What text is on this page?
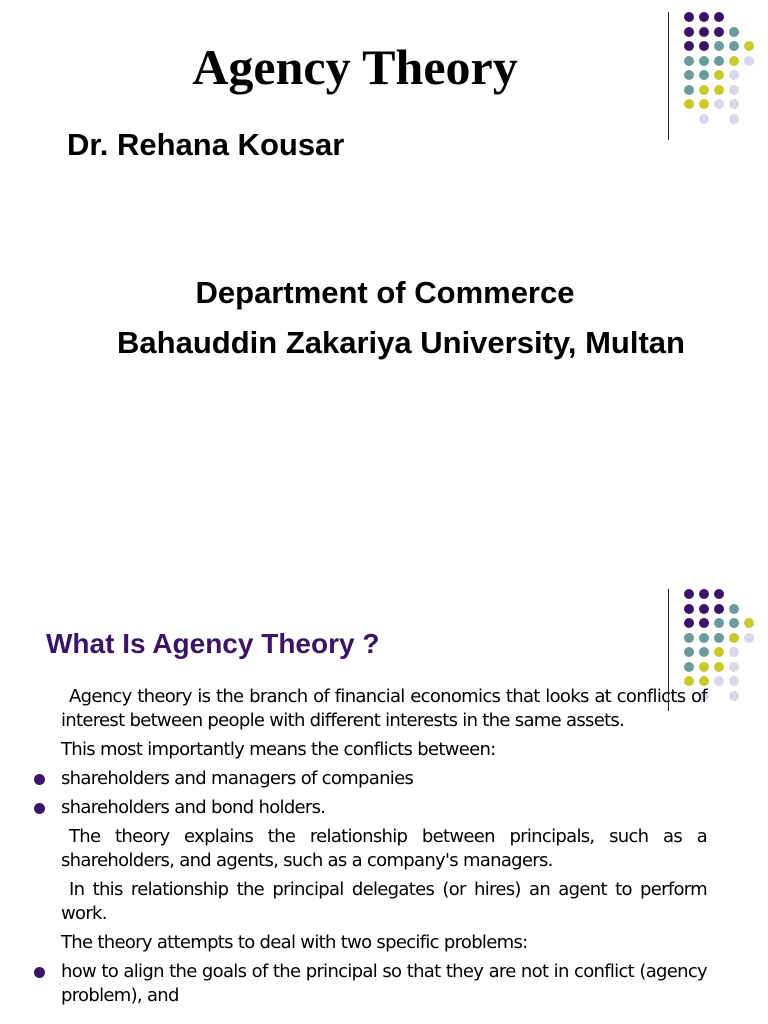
Agency Theory
Dr. Rehana Kousar
Department of Commerce
Bahauddin Zakariya University, Multan
What Is Agency Theory ?

Agency theory is the branch of financial economics that looks at conflicts of interest between people with different interests in the same assets.

This most importantly means the conflicts between:

shareholders and managers of companies

shareholders and bond holders.

The theory explains the relationship between principals, such as a shareholders, and agents, such as a company's managers.

In this relationship the principal delegates (or hires) an agent to perform work.

The theory attempts to deal with two specific problems:

how to align the goals of the principal so that they are not in conflict (agency problem), and
